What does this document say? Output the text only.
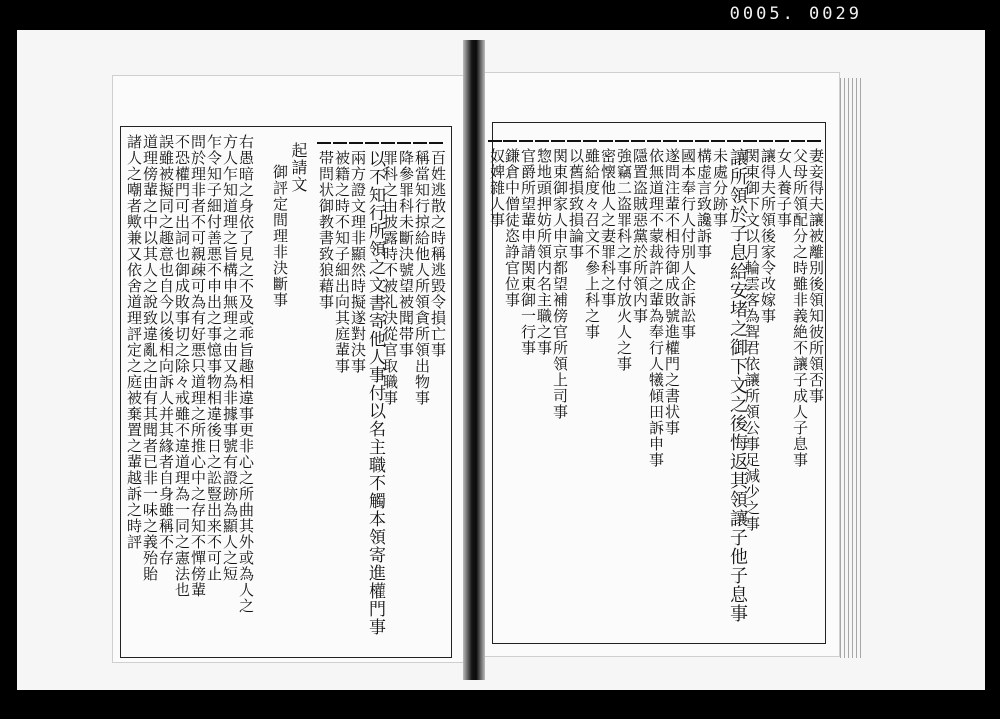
0005. 0029
起請文
御評定間理非決斷事	妻妾得夫讓被離別後領知彼所領否事
父母所領配分之時雖非義絶不讓子成人子息事
女人養子事
讓得夫所領後家令改嫁事
関東御下文以月輪雲客為聟君依讓所領公事足減少之事
讓所領於子息給安堵之御下文之後悔返其領讓子他子息事
未處分跡事
構虚言致讒訴事
國本奉行人付別人企訴訟事
遂問注輩不相待御成敗號進權門之書状事
依無道理不蒙裁許之輩為奉行人犧傾田訴申事
隱置盗賊惡黨於所領内事
強竊二盗罪科之事付放火人之事
密懐他人之妻罪科之事
雖給度々召文不參上科之事
以舊損致損論事
関東御家人申京都望補傍官所領上司事
惣地頭押妨所領内名主職之事
官爵所望輩申請関東御一行事
鎌倉中僧徒恣諍官位事
奴婢雜人事
百姓逃散之時稱逃毀令損亡事
稱當知行掠給他人所領貪所領出物事
降參罪科未斷決號望被聞帯事
罪科之由披露時不被礼決從官取職事
以不知行所領之文書寄他人事付以名主職不觸本領寄進權門事
兩方證文理非顯然時擬遂對決事
被籍之時不知子細出向其庭輩事
帯問状御教書致狼藉事
右愚暗之身依了見之不及或乖旨趣相違事更非心之所曲其外或為人之
方人乍知道理之旨構申無理之由又為非據事號有證跡為顯人之短
乍令知子細付善悪不申出之事憶事物相違後日之訟豎出来不可止
問於理非者不可親疎可為有好悪只道理之所推心中之存知不憚傍輩
不恐權門可出詞也御成敗事切之除々戒雖不違道理為一同之憲法也
誤雖被擬同之趣意也自今以後相向訴人并其緣者自身雖稱不存
道理傍輩之中以其人之說致違亂之由有其聞者已非一味之義殆貽
諸人之嘲者歟兼又依舍道理評定之庭被棄置之輩越訴之時評
